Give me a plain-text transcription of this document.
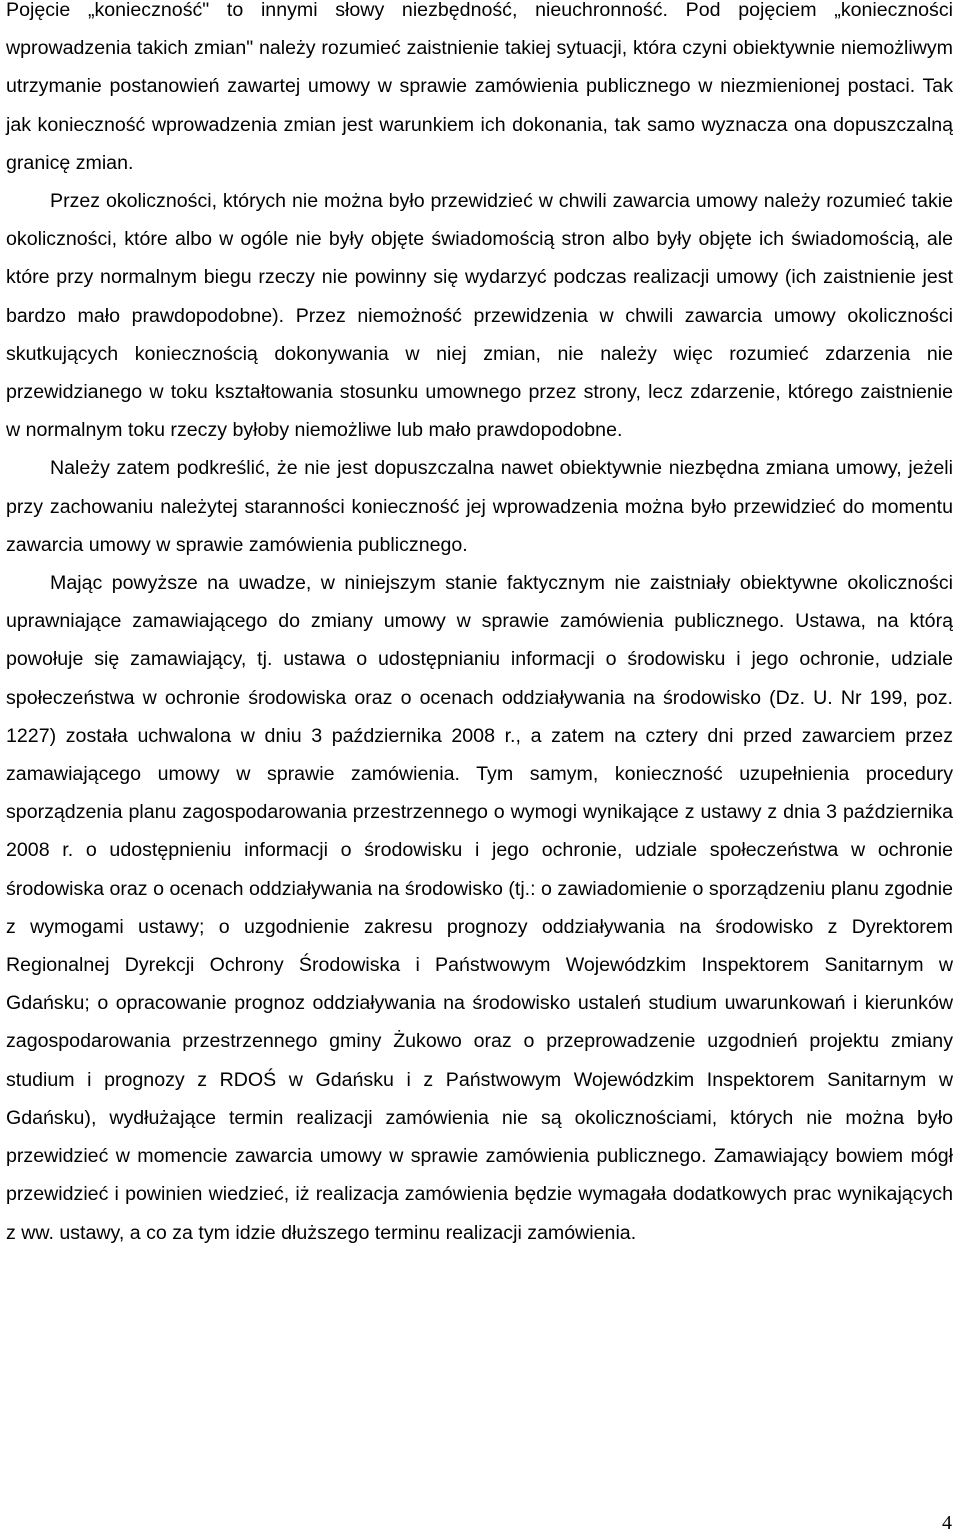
Pojęcie „konieczność" to innymi słowy niezbędność, nieuchronność. Pod pojęciem „konieczności wprowadzenia takich zmian" należy rozumieć zaistnienie takiej sytuacji, która czyni obiektywnie niemożliwym utrzymanie postanowień zawartej umowy w sprawie zamówienia publicznego w niezmienionej postaci. Tak jak konieczność wprowadzenia zmian jest warunkiem ich dokonania, tak samo wyznacza ona dopuszczalną granicę zmian.

Przez okoliczności, których nie można było przewidzieć w chwili zawarcia umowy należy rozumieć takie okoliczności, które albo w ogóle nie były objęte świadomością stron albo były objęte ich świadomością, ale które przy normalnym biegu rzeczy nie powinny się wydarzyć podczas realizacji umowy (ich zaistnienie jest bardzo mało prawdopodobne). Przez niemożność przewidzenia w chwili zawarcia umowy okoliczności skutkujących koniecznością dokonywania w niej zmian, nie należy więc rozumieć zdarzenia nie przewidzianego w toku kształtowania stosunku umownego przez strony, lecz zdarzenie, którego zaistnienie w normalnym toku rzeczy byłoby niemożliwe lub mało prawdopodobne.

Należy zatem podkreślić, że nie jest dopuszczalna nawet obiektywnie niezbędna zmiana umowy, jeżeli przy zachowaniu należytej staranności konieczność jej wprowadzenia można było przewidzieć do momentu zawarcia umowy w sprawie zamówienia publicznego.

Mając powyższe na uwadze, w niniejszym stanie faktycznym nie zaistniały obiektywne okoliczności uprawniające zamawiającego do zmiany umowy w sprawie zamówienia publicznego. Ustawa, na którą powołuje się zamawiający, tj. ustawa o udostępnianiu informacji o środowisku i jego ochronie, udziale społeczeństwa w ochronie środowiska oraz o ocenach oddziaływania na środowisko (Dz. U. Nr 199, poz. 1227) została uchwalona w dniu 3 października 2008 r., a zatem na cztery dni przed zawarciem przez zamawiającego umowy w sprawie zamówienia. Tym samym, konieczność uzupełnienia procedury sporządzenia planu zagospodarowania przestrzennego o wymogi wynikające z ustawy z dnia 3 października 2008 r. o udostępnieniu informacji o środowisku i jego ochronie, udziale społeczeństwa w ochronie środowiska oraz o ocenach oddziaływania na środowisko (tj.: o zawiadomienie o sporządzeniu planu zgodnie z wymogami ustawy; o uzgodnienie zakresu prognozy oddziaływania na środowisko z Dyrektorem Regionalnej Dyrekcji Ochrony Środowiska i Państwowym Wojewódzkim Inspektorem Sanitarnym w Gdańsku; o opracowanie prognoz oddziaływania na środowisko ustaleń studium uwarunkowań i kierunków zagospodarowania przestrzennego gminy Żukowo oraz o przeprowadzenie uzgodnień projektu zmiany studium i prognozy z RDOŚ w Gdańsku i z Państwowym Wojewódzkim Inspektorem Sanitarnym w Gdańsku), wydłużające termin realizacji zamówienia nie są okolicznościami, których nie można było przewidzieć w momencie zawarcia umowy w sprawie zamówienia publicznego. Zamawiający bowiem mógł przewidzieć i powinien wiedzieć, iż realizacja zamówienia będzie wymagała dodatkowych prac wynikających z ww. ustawy, a co za tym idzie dłuższego terminu realizacji zamówienia.

4
